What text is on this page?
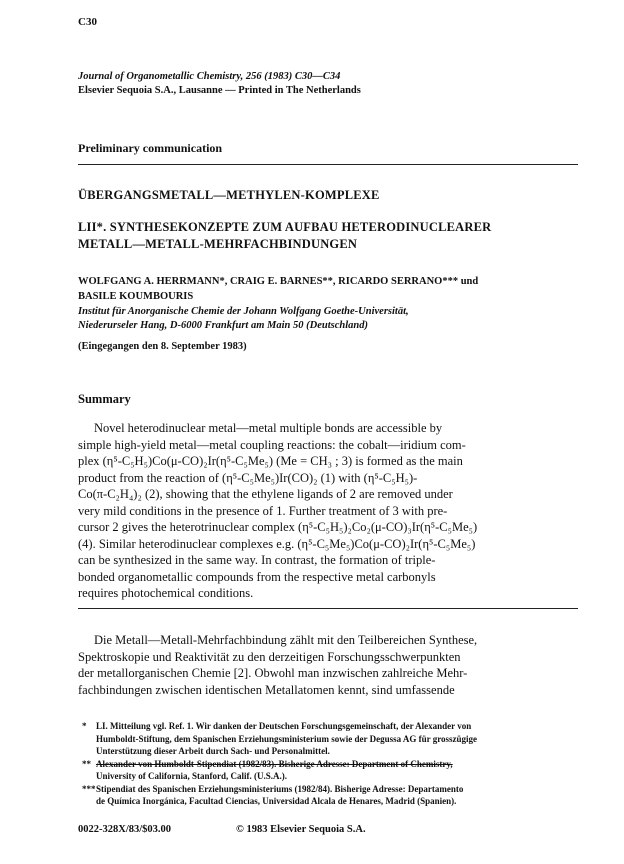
C30
Journal of Organometallic Chemistry, 256 (1983) C30—C34
Elsevier Sequoia S.A., Lausanne — Printed in The Netherlands
Preliminary communication
ÜBERGANGSMETALL—METHYLEN-KOMPLEXE
LII*. SYNTHESEKONZEPTE ZUM AUFBAU HETERODINUCLEARER
METALL—METALL-MEHRFACHBINDUNGEN
WOLFGANG A. HERRMANN*, CRAIG E. BARNES**, RICARDO SERRANO*** und
BASILE KOUMBOURIS
Institut für Anorganische Chemie der Johann Wolfgang Goethe-Universität,
Niederurseler Hang, D-6000 Frankfurt am Main 50 (Deutschland)
(Eingegangen den 8. September 1983)
Summary
Novel heterodinuclear metal—metal multiple bonds are accessible by
simple high-yield metal—metal coupling reactions: the cobalt—iridium com-
plex (η⁵-C₅H₅)Co(μ-CO)₂Ir(η⁵-C₅Me₅) (Me = CH₃ ; 3) is formed as the main
product from the reaction of (η⁵-C₅Me₅)Ir(CO)₂ (1) with (η⁵-C₅H₅)-
Co(π-C₂H₄)₂ (2), showing that the ethylene ligands of 2 are removed under
very mild conditions in the presence of 1. Further treatment of 3 with pre-
cursor 2 gives the heterotrinuclear complex (η⁵-C₅H₅)₂Co₂(μ-CO)₃Ir(η⁵-C₅Me₅)
(4). Similar heterodinuclear complexes e.g. (η⁵-C₅Me₅)Co(μ-CO)₂Ir(η⁵-C₅Me₅)
can be synthesized in the same way. In contrast, the formation of triple-
bonded organometallic compounds from the respective metal carbonyls
requires photochemical conditions.
Die Metall—Metall-Mehrfachbindung zählt mit den Teilbereichen Synthese,
Spektroskopie und Reaktivität zu den derzeitigen Forschungsschwerpunkten
der metallorganischen Chemie [2]. Obwohl man inzwischen zahlreiche Mehr-
fachbindungen zwischen identischen Metallatomen kennt, sind umfassende
* LI. Mitteilung vgl. Ref. 1. Wir danken der Deutschen Forschungsgemeinschaft, der Alexander von
Humboldt-Stiftung, dem Spanischen Erziehungsministerium sowie der Degussa AG für grosszügige
Unterstützung dieser Arbeit durch Sach- und Personalmittel.
** Alexander von Humboldt-Stipendiat (1982/83). Bisherige Adresse: Department of Chemistry,
University of California, Stanford, Calif. (U.S.A.).
***Stipendiat des Spanischen Erziehungsministeriums (1982/84). Bisherige Adresse: Departamento
de Química Inorgánica, Facultad Ciencias, Universidad Alcala de Henares, Madrid (Spanien).
0022-328X/83/$03.00	© 1983 Elsevier Sequoia S.A.
